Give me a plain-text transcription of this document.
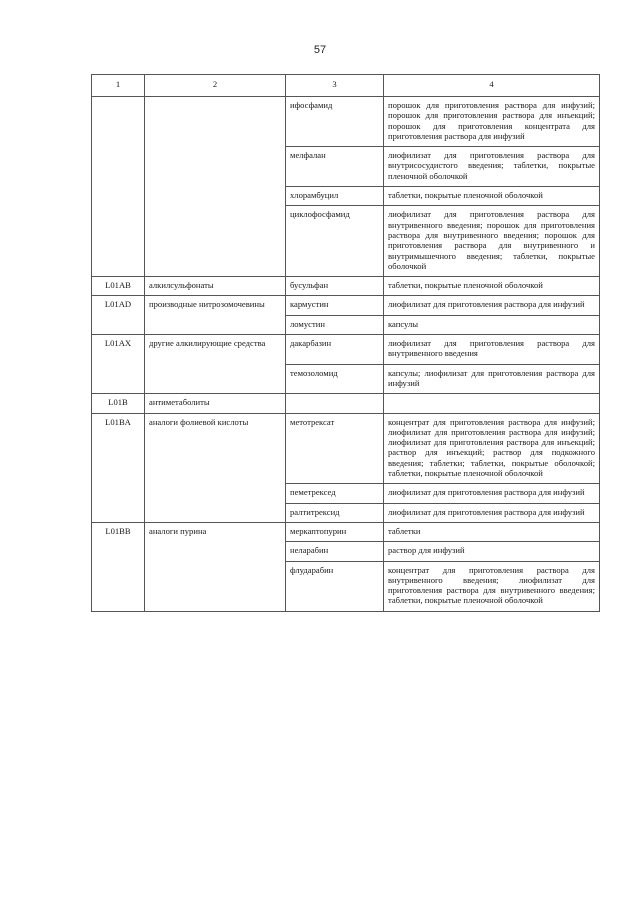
57
1	2	3	4
		ифосфамид	порошок для приготовления раствора для инфузий; порошок для приготовления раствора для инъекций; порошок для приготовления концентрата для приготовления раствора для инфузий
		мелфалан	лиофилизат для приготовления раствора для внутрисосудистого введения; таблетки, покрытые пленочной оболочкой
		хлорамбуцил	таблетки, покрытые пленочной оболочкой
		циклофосфамид	лиофилизат для приготовления раствора для внутривенного введения; порошок для приготовления раствора для внутривенного введения; порошок для приготовления раствора для внутривенного и внутримышечного введения; таблетки, покрытые оболочкой
L01AB	алкилсульфонаты	бусульфан	таблетки, покрытые пленочной оболочкой
L01AD	производные нитрозомочевины	кармустин	лиофилизат для приготовления раствора для инфузий
		ломустин	капсулы
L01AX	другие алкилирующие средства	дакарбазин	лиофилизат для приготовления раствора для внутривенного введения
		темозоломид	капсулы; лиофилизат для приготовления раствора для инфузий
L01B	антиметаболиты		
L01BA	аналоги фолиевой кислоты	метотрексат	концентрат для приготовления раствора для инфузий; лиофилизат для приготовления раствора для инфузий; лиофилизат для приготовления раствора для инъекций; раствор для инъекций; раствор для подкожного введения; таблетки; таблетки, покрытые оболочкой; таблетки, покрытые пленочной оболочкой
		пеметрексед	лиофилизат для приготовления раствора для инфузий
		ралтитрексид	лиофилизат для приготовления раствора для инфузий
L01BB	аналоги пурина	меркаптопурин	таблетки
		неларабин	раствор для инфузий
		флударабин	концентрат для приготовления раствора для внутривенного введения; лиофилизат для приготовления раствора для внутривенного введения; таблетки, покрытые пленочной оболочкой
